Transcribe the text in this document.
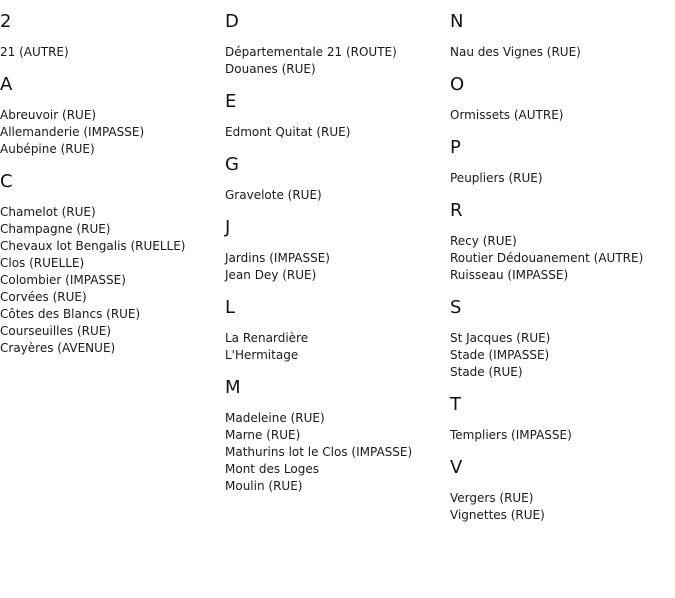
2
21 (AUTRE)
A
Abreuvoir (RUE)
Allemanderie (IMPASSE)
Aubépine (RUE)
C
Chamelot (RUE)
Champagne (RUE)
Chevaux lot Bengalis (RUELLE)
Clos (RUELLE)
Colombier (IMPASSE)
Corvées (RUE)
Côtes des Blancs (RUE)
Courseuilles (RUE)
Crayères (AVENUE)
D
Départementale 21 (ROUTE)
Douanes (RUE)
E
Edmont Quitat (RUE)
G
Gravelote (RUE)
J
Jardins (IMPASSE)
Jean Dey (RUE)
L
La Renardière
L'Hermitage
M
Madeleine (RUE)
Marne (RUE)
Mathurins lot le Clos (IMPASSE)
Mont des Loges
Moulin (RUE)
N
Nau des Vignes (RUE)
O
Ormissets (AUTRE)
P
Peupliers (RUE)
R
Recy (RUE)
Routier Dédouanement (AUTRE)
Ruisseau (IMPASSE)
S
St Jacques (RUE)
Stade (IMPASSE)
Stade (RUE)
T
Templiers (IMPASSE)
V
Vergers (RUE)
Vignettes (RUE)
